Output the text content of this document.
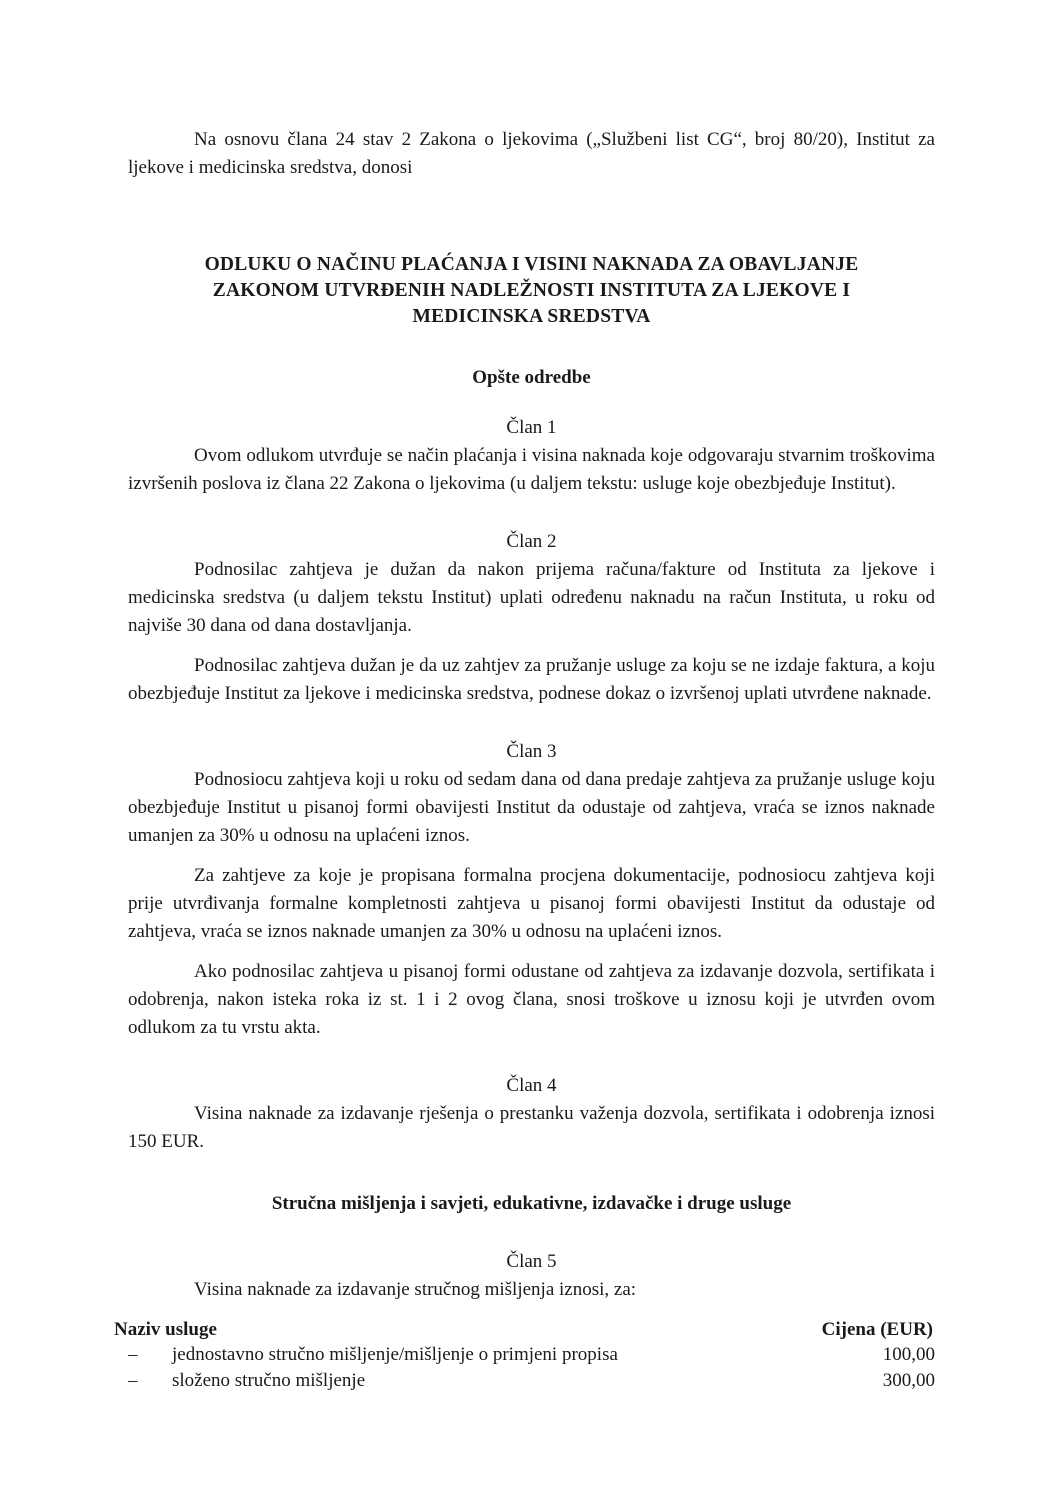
Na osnovu člana 24 stav 2 Zakona o ljekovima („Službeni list CG“, broj 80/20), Institut za ljekove i medicinska sredstva, donosi

ODLUKU O NAČINU PLAĆANJA I VISINI NAKNADA ZA OBAVLJANJE
ZAKONOM UTVRĐENIH NADLEŽNOSTI INSTITUTA ZA LJEKOVE I
MEDICINSKA SREDSTVA
Opšte odredbe
Član 1

Ovom odlukom utvrđuje se način plaćanja i visina naknada koje odgovaraju stvarnim troškovima izvršenih poslova iz člana 22 Zakona o ljekovima (u daljem tekstu: usluge koje obezbjeđuje Institut).

Član 2

Podnosilac zahtjeva je dužan da nakon prijema računa/fakture od Instituta za ljekove i medicinska sredstva (u daljem tekstu Institut) uplati određenu naknadu na račun Instituta, u roku od najviše 30 dana od dana dostavljanja.

Podnosilac zahtjeva dužan je da uz zahtjev za pružanje usluge za koju se ne izdaje faktura, a koju obezbjeđuje Institut za ljekove i medicinska sredstva, podnese dokaz o izvršenoj uplati utvrđene naknade.

Član 3

Podnosiocu zahtjeva koji u roku od sedam dana od dana predaje zahtjeva za pružanje usluge koju obezbjeđuje Institut u pisanoj formi obavijesti Institut da odustaje od zahtjeva, vraća se iznos naknade umanjen za 30% u odnosu na uplaćeni iznos.

Za zahtjeve za koje je propisana formalna procjena dokumentacije, podnosiocu zahtjeva koji prije utvrđivanja formalne kompletnosti zahtjeva u pisanoj formi obavijesti Institut da odustaje od zahtjeva, vraća se iznos naknade umanjen za 30% u odnosu na uplaćeni iznos.

Ako podnosilac zahtjeva u pisanoj formi odustane od zahtjeva za izdavanje dozvola, sertifikata i odobrenja, nakon isteka roka iz st. 1 i 2 ovog člana, snosi troškove u iznosu koji je utvrđen ovom odlukom za tu vrstu akta.

Član 4

Visina naknade za izdavanje rješenja o prestanku važenja dozvola, sertifikata i odobrenja iznosi 150 EUR.

Stručna mišljenja i savjeti, edukativne, izdavačke i druge usluge
Član 5

Visina naknade za izdavanje stručnog mišljenja iznosi, za:

Naziv usluge	Cijena (EUR)
–	jednostavno stručno mišljenje/mišljenje o primjeni propisa	100,00
–	složeno stručno mišljenje	300,00
